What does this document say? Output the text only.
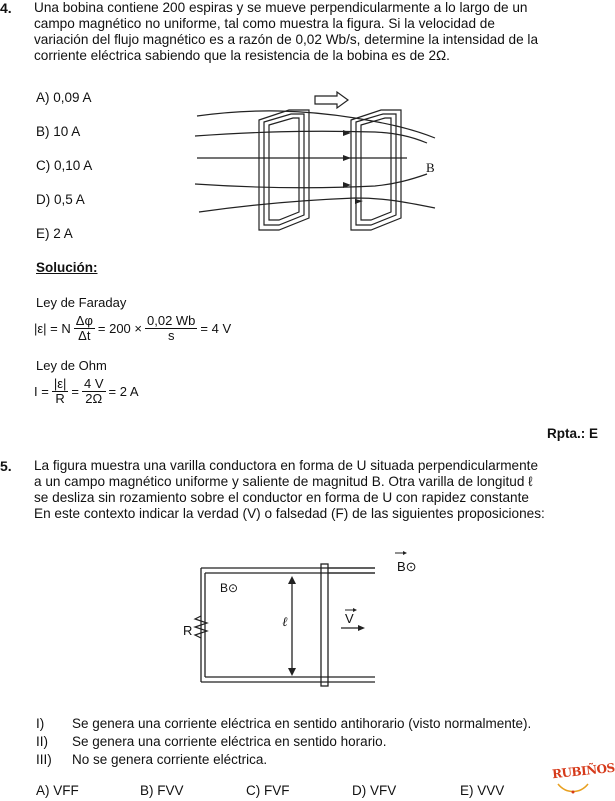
4. Una bobina contiene 200 espiras y se mueve perpendicularmente a lo largo de un
campo magnético no uniforme, tal como muestra la figura. Si la velocidad de
variación del flujo magnético es a razón de 0,02 Wb/s, determine la intensidad de la
corriente eléctrica sabiendo que la resistencia de la bobina es de 2Ω.
A) 0,09 A
B) 10 A
C) 0,10 A
D) 0,5 A
E) 2 A
B
Solución:
Ley de Faraday
|ε| = N $\frac{\Delta\varphi}{\Delta t} = 200 \times \frac{0,02 Wb}{s} = 4$ V
Ley de Ohm
$I = \frac{|\varepsilon|}{R} = \frac{4 V}{2\Omega} = 2$ A
Rpta.: E
5. La figura muestra una varilla conductora en forma de U situada perpendicularmente
a un campo magnético uniforme y saliente de magnitud B. Otra varilla de longitud ℓ
se desliza sin rozamiento sobre el conductor en forma de U con rapidez constante
En este contexto indicar la verdad (V) o falsedad (F) de las siguientes proposiciones:
B⊙
B⊙
R
ℓ	V
I) Se genera una corriente eléctrica en sentido antihorario (visto normalmente).
II) Se genera una corriente eléctrica en sentido horario.
III) No se genera corriente eléctrica.
A) VFF	B) FVV	C) FVF	D) VFV	E) VVV
RUBIÑOS
